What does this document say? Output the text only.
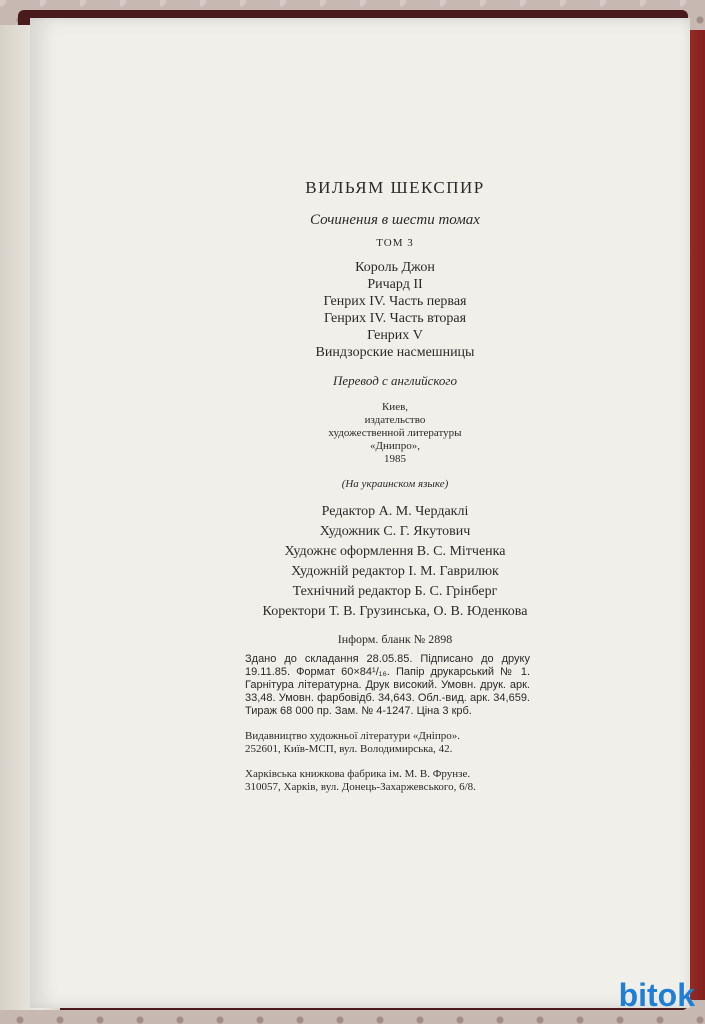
ВИЛЬЯМ ШЕКСПИР
Сочинения в шести томах
ТОМ 3
Король Джон
Ричард II
Генрих IV. Часть первая
Генрих IV. Часть вторая
Генрих V
Виндзорские насмешницы
Перевод с английского
Киев,
издательство
художественной литературы
«Днипро»,
1985
(На украинском языке)
Редактор А. М. Чердаклі
Художник С. Г. Якутович
Художнє оформлення В. С. Мітченка
Художній редактор І. М. Гаврилюк
Технічний редактор Б. С. Грінберг
Коректори Т. В. Грузинська, О. В. Юденкова
Інформ. бланк № 2898
Здано до складання 28.05.85. Підписано до друку 19.11.85. Формат 60×84¹/₁₆. Папір друкарський № 1. Гарнітура літературна. Друк високий. Умовн. друк. арк. 33,48. Умовн. фарбовідб. 34,643. Обл.-вид. арк. 34,659. Тираж 68 000 пр. Зам. № 4-1247. Ціна 3 крб.
Видавництво художньої літератури «Дніпро».
252601, Київ-МСП, вул. Володимирська, 42.
Харківська книжкова фабрика ім. М. В. Фрунзе.
310057, Харків, вул. Донець-Захаржевського, 6/8.
bitok
